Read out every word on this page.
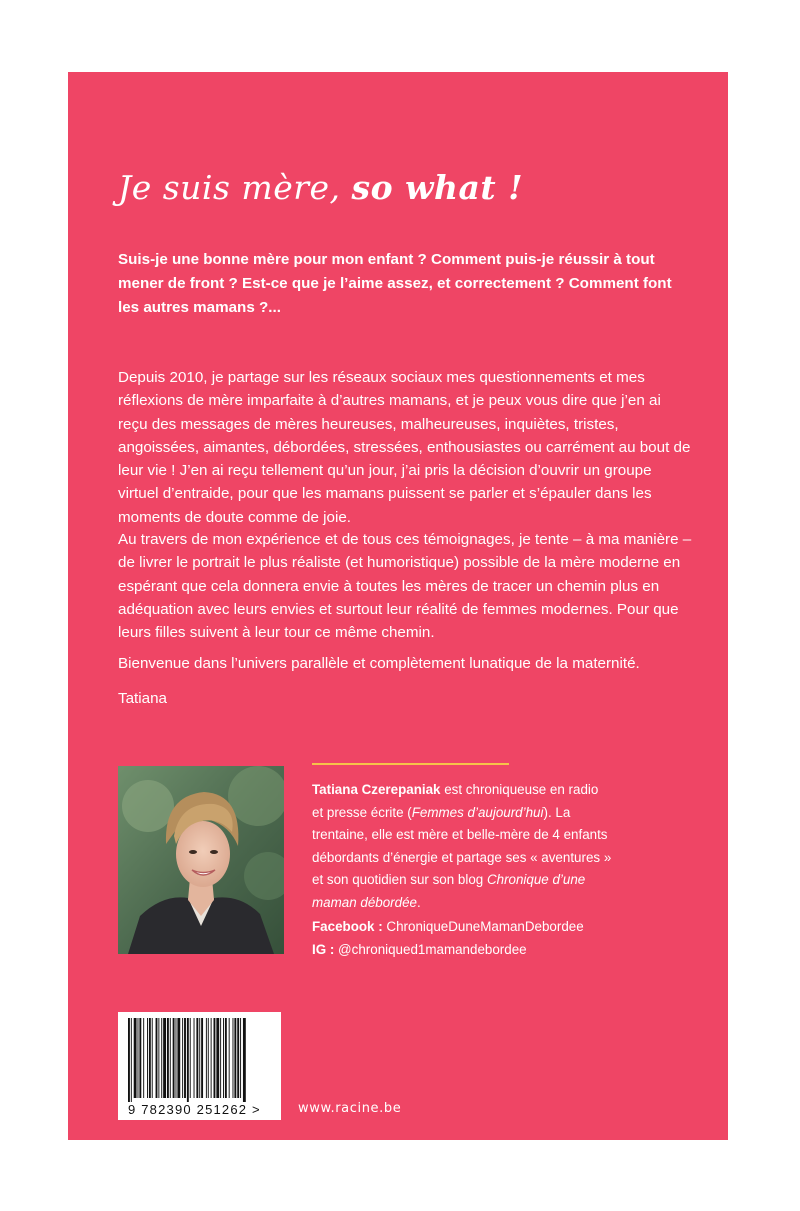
Je suis mère, so what !
Suis-je une bonne mère pour mon enfant ? Comment puis-je réussir à tout mener de front ? Est-ce que je l’aime assez, et correctement ? Comment font les autres mamans ?...
Depuis 2010, je partage sur les réseaux sociaux mes questionnements et mes réflexions de mère imparfaite à d’autres mamans, et je peux vous dire que j’en ai reçu des messages de mères heureuses, malheureuses, inquiètes, tristes, angoissées, aimantes, débordées, stressées, enthousiastes ou carrément au bout de leur vie ! J’en ai reçu tellement qu’un jour, j’ai pris la décision d’ouvrir un groupe virtuel d’entraide, pour que les mamans puissent se parler et s’épauler dans les moments de doute comme de joie.
Au travers de mon expérience et de tous ces témoignages, je tente – à ma manière – de livrer le portrait le plus réaliste (et humoristique) possible de la mère moderne en espérant que cela donnera envie à toutes les mères de tracer un chemin plus en adéquation avec leurs envies et surtout leur réalité de femmes modernes. Pour que leurs filles suivent à leur tour ce même chemin.
Bienvenue dans l’univers parallèle et complètement lunatique de la maternité.
Tatiana
Tatiana Czerepaniak est chroniqueuse en radio et presse écrite (Femmes d’aujourd’hui). La trentaine, elle est mère et belle-mère de 4 enfants débordants d’énergie et partage ses « aventures » et son quotidien sur son blog Chronique d’une maman débordée.
Facebook : ChroniqueDuneMamanDebordee
IG : @chroniqued1mamandebordee
9 782390 251262 >	www.racine.be
